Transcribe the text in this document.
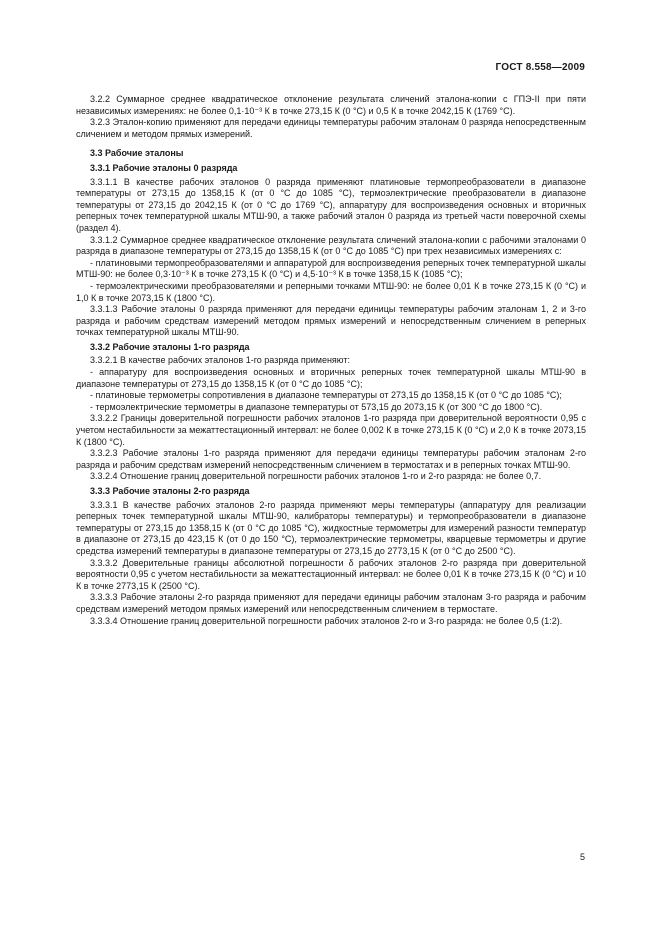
ГОСТ 8.558—2009

3.2.2 Суммарное среднее квадратическое отклонение результата сличений эталона-копии с ГПЭ-II при пяти независимых измерениях: не более 0,1·10⁻³ К в точке 273,15 К (0 °С) и 0,5 К в точке 2042,15 К (1769 °С).

3.2.3 Эталон-копию применяют для передачи единицы температуры рабочим эталонам 0 разряда непосредственным сличением и методом прямых измерений.

3.3 Рабочие эталоны

3.3.1 Рабочие эталоны 0 разряда

3.3.1.1 В качестве рабочих эталонов 0 разряда применяют платиновые термопреобразователи в диапазоне температуры от 273,15 до 1358,15 К (от 0 °С до 1085 °С), термоэлектрические преобразователи в диапазоне температуры от 273,15 до 2042,15 К (от 0 °С до 1769 °С), аппаратуру для воспроизведения основных и вторичных реперных точек температурной шкалы МТШ-90, а также рабочий эталон 0 разряда из третьей части поверочной схемы (раздел 4).

3.3.1.2 Суммарное среднее квадратическое отклонение результата сличений эталона-копии с рабочими эталонами 0 разряда в диапазоне температуры от 273,15 до 1358,15 К (от 0 °С до 1085 °С) при трех независимых измерениях с:

- платиновыми термопреобразователями и аппаратурой для воспроизведения реперных точек температурной шкалы МТШ-90: не более 0,3·10⁻³ К в точке 273,15 К (0 °С) и 4,5·10⁻³ К в точке 1358,15 К (1085 °С);

- термоэлектрическими преобразователями и реперными точками МТШ-90: не более 0,01 К в точке 273,15 К (0 °С) и 1,0 К в точке 2073,15 К (1800 °С).

3.3.1.3 Рабочие эталоны 0 разряда применяют для передачи единицы температуры рабочим эталонам 1, 2 и 3-го разряда и рабочим средствам измерений методом прямых измерений и непосредственным сличением в реперных точках температурной шкалы МТШ-90.

3.3.2 Рабочие эталоны 1-го разряда

3.3.2.1 В качестве рабочих эталонов 1-го разряда применяют:

- аппаратуру для воспроизведения основных и вторичных реперных точек температурной шкалы МТШ-90 в диапазоне температуры от 273,15 до 1358,15 К (от 0 °С до 1085 °С);

- платиновые термометры сопротивления в диапазоне температуры от 273,15 до 1358,15 К (от 0 °С до 1085 °С);

- термоэлектрические термометры в диапазоне температуры от 573,15 до 2073,15 К (от 300 °С до 1800 °С).

3.3.2.2 Границы доверительной погрешности рабочих эталонов 1-го разряда при доверительной вероятности 0,95 с учетом нестабильности за межаттестационный интервал: не более 0,002 К в точке 273,15 К (0 °С) и 2,0 К в точке 2073,15 К (1800 °С).

3.3.2.3 Рабочие эталоны 1-го разряда применяют для передачи единицы температуры рабочим эталонам 2-го разряда и рабочим средствам измерений непосредственным сличением в термостатах и в реперных точках МТШ-90.

3.3.2.4 Отношение границ доверительной погрешности рабочих эталонов 1-го и 2-го разряда: не более 0,7.

3.3.3 Рабочие эталоны 2-го разряда

3.3.3.1 В качестве рабочих эталонов 2-го разряда применяют меры температуры (аппаратуру для реализации реперных точек температурной шкалы МТШ-90, калибраторы температуры) и термопреобразователи в диапазоне температуры от 273,15 до 1358,15 К (от 0 °С до 1085 °С), жидкостные термометры для измерений разности температур в диапазоне от 273,15 до 423,15 К (от 0 до 150 °С), термоэлектрические термометры, кварцевые термометры и другие средства измерений температуры в диапазоне температуры от 273,15 до 2773,15 К (от 0 °С до 2500 °С).

3.3.3.2 Доверительные границы абсолютной погрешности δ рабочих эталонов 2-го разряда при доверительной вероятности 0,95 с учетом нестабильности за межаттестационный интервал: не более 0,01 К в точке 273,15 К (0 °С) и 10 К в точке 2773,15 К (2500 °С).

3.3.3.3 Рабочие эталоны 2-го разряда применяют для передачи единицы рабочим эталонам 3-го разряда и рабочим средствам измерений методом прямых измерений или непосредственным сличением в термостате.

3.3.3.4 Отношение границ доверительной погрешности рабочих эталонов 2-го и 3-го разряда: не более 0,5 (1:2).

5
